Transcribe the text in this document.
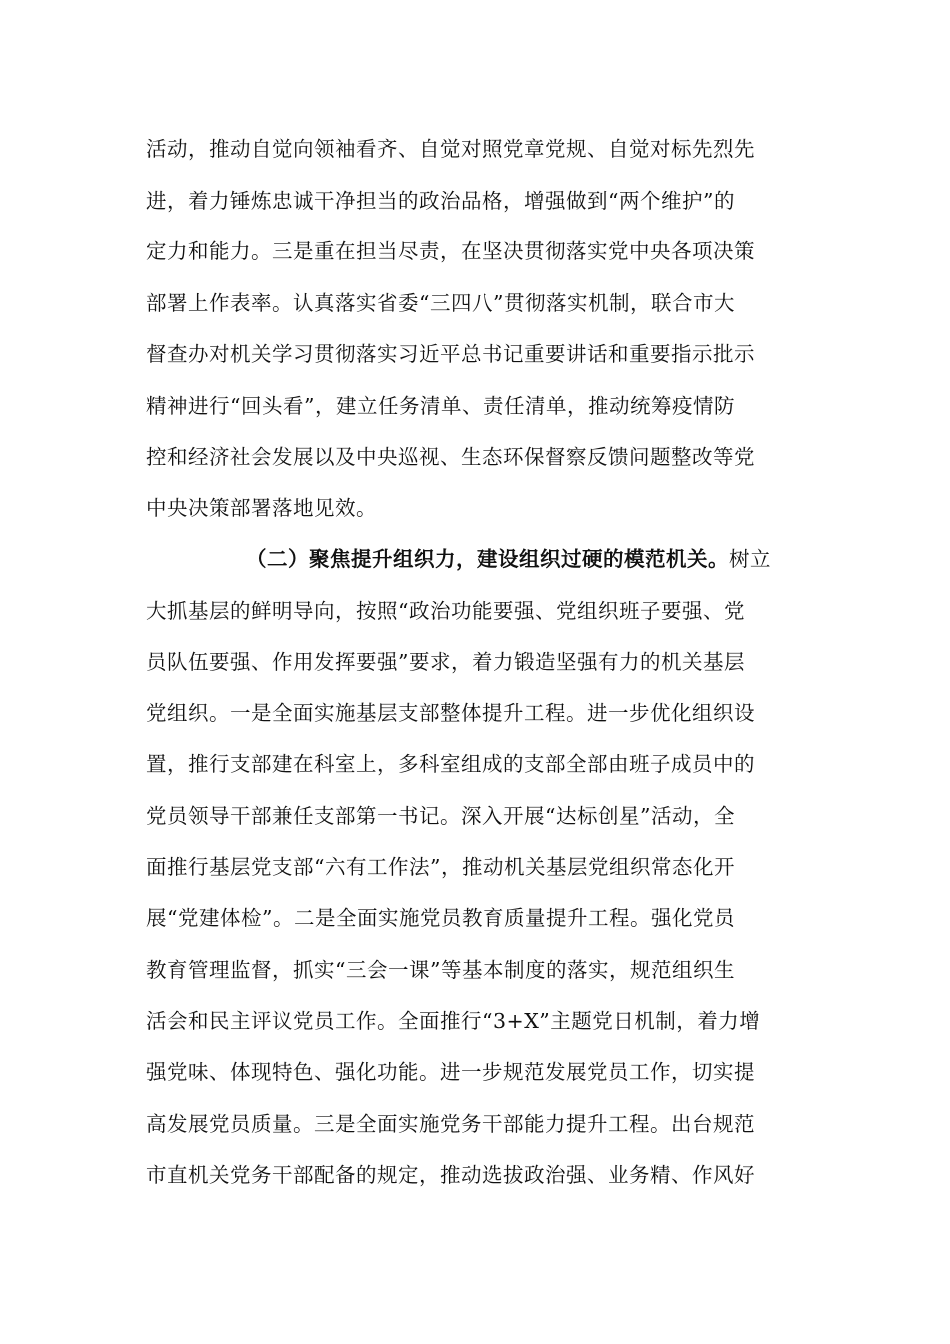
活动，推动自觉向领袖看齐、自觉对照党章党规、自觉对标先烈先
进，着力锤炼忠诚干净担当的政治品格，增强做到“两个维护”的
定力和能力。三是重在担当尽责，在坚决贯彻落实党中央各项决策
部署上作表率。认真落实省委“三四八”贯彻落实机制，联合市大
督查办对机关学习贯彻落实习近平总书记重要讲话和重要指示批示
精神进行“回头看”，建立任务清单、责任清单，推动统筹疫情防
控和经济社会发展以及中央巡视、生态环保督察反馈问题整改等党
中央决策部署落地见效。
（二）聚焦提升组织力，建设组织过硬的模范机关。树立
大抓基层的鲜明导向，按照“政治功能要强、党组织班子要强、党
员队伍要强、作用发挥要强”要求，着力锻造坚强有力的机关基层
党组织。一是全面实施基层支部整体提升工程。进一步优化组织设
置，推行支部建在科室上，多科室组成的支部全部由班子成员中的
党员领导干部兼任支部第一书记。深入开展“达标创星”活动，全
面推行基层党支部“六有工作法”，推动机关基层党组织常态化开
展“党建体检”。二是全面实施党员教育质量提升工程。强化党员
教育管理监督，抓实“三会一课”等基本制度的落实，规范组织生
活会和民主评议党员工作。全面推行“3+X”主题党日机制，着力增
强党味、体现特色、强化功能。进一步规范发展党员工作，切实提
高发展党员质量。三是全面实施党务干部能力提升工程。出台规范
市直机关党务干部配备的规定，推动选拔政治强、业务精、作风好
